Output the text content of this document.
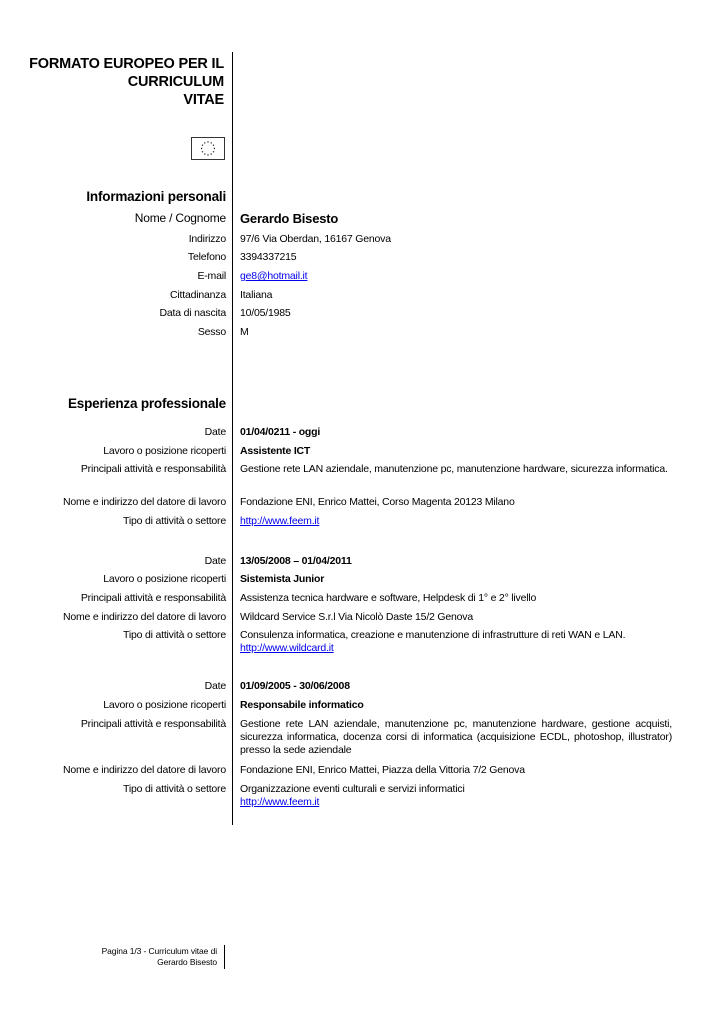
FORMATO EUROPEO PER IL
CURRICULUM
VITAE
Informazioni personali
Nome / Cognome Gerardo Bisesto
Indirizzo 97/6 Via Oberdan, 16167 Genova
Telefono 3394337215
E-mail ge8@hotmail.it
Cittadinanza Italiana
Data di nascita 10/05/1985
Sesso M
Esperienza professionale
Date 01/04/0211 - oggi
Lavoro o posizione ricoperti Assistente ICT
Principali attività e responsabilità Gestione rete LAN aziendale, manutenzione pc, manutenzione hardware, sicurezza informatica.
Nome e indirizzo del datore di lavoro Fondazione ENI, Enrico Mattei, Corso Magenta 20123 Milano
Tipo di attività o settore http://www.feem.it
Date 13/05/2008 – 01/04/2011
Lavoro o posizione ricoperti Sistemista Junior
Principali attività e responsabilità Assistenza tecnica hardware e software, Helpdesk di 1° e 2° livello
Nome e indirizzo del datore di lavoro Wildcard Service S.r.l Via Nicolò Daste 15/2 Genova
Tipo di attività o settore Consulenza informatica, creazione e manutenzione di infrastrutture di reti WAN e LAN.
http://www.wildcard.it
Date 01/09/2005 - 30/06/2008
Lavoro o posizione ricoperti Responsabile informatico
Principali attività e responsabilità Gestione rete LAN aziendale, manutenzione pc, manutenzione hardware, gestione acquisti, sicurezza informatica, docenza corsi di informatica (acquisizione ECDL, photoshop, illustrator) presso la sede aziendale
Nome e indirizzo del datore di lavoro Fondazione ENI, Enrico Mattei, Piazza della Vittoria 7/2 Genova
Tipo di attività o settore Organizzazione eventi culturali e servizi informatici
http://www.feem.it
Pagina 1/3 - Curriculum vitae di
Gerardo Bisesto
